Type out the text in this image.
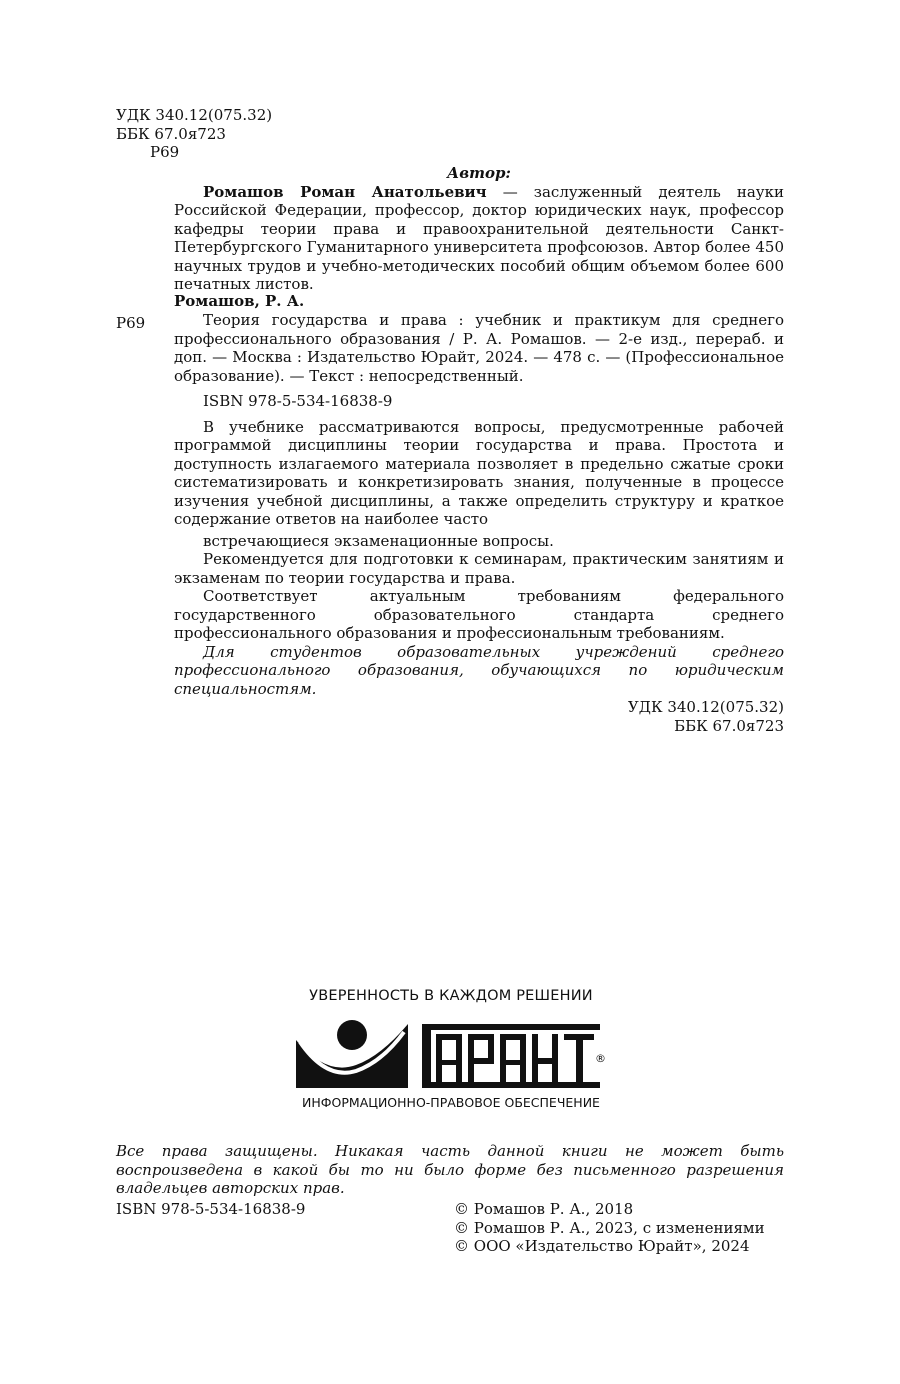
УДК 340.12(075.32)

ББК 67.0я723

Р69

Автор:

Ромашов Роман Анатольевич — заслуженный деятель науки Российской Федерации, профессор, доктор юридических наук, профессор кафедры теории права и правоохранительной деятельности Санкт-Петербургского Гуманитарного университета профсоюзов. Автор более 450 научных трудов и учебно-методических пособий общим объемом более 600 печатных листов.

Ромашов, Р. А.
Р69	Теория государства и права : учебник и практикум для среднего профессионального образования / Р. А. Ромашов. — 2-е изд., перераб. и доп. — Москва : Издательство Юрайт, 2024. — 478 с. — (Профессиональное образование). — Текст : непосредственный.

ISBN 978-5-534-16838-9

В учебнике рассматриваются вопросы, предусмотренные рабочей программой дисциплины теории государства и права. Простота и доступность излагаемого материала позволяет в предельно сжатые сроки систематизировать и конкретизировать знания, полученные в процессе изучения учебной дисциплины, а также определить структуру и краткое содержание ответов на наиболее часто

встречающиеся экзаменационные вопросы.

Рекомендуется для подготовки к семинарам, практическим занятиям и экзаменам по теории государства и права.

Соответствует актуальным требованиям федерального государственного образовательного стандарта среднего профессионального образования и профессиональным требованиям.

Для студентов образовательных учреждений среднего профессионального образования, обучающихся по юридическим специальностям.

УДК 340.12(075.32)

ББК 67.0я723

УВЕРЕННОСТЬ В КАЖДОМ РЕШЕНИИ
®
ИНФОРМАЦИОННО-ПРАВОВОЕ ОБЕСПЕЧЕНИЕ
Все права защищены. Никакая часть данной книги не может быть воспроизведена в какой бы то ни было форме без письменного разрешения владельцев авторских прав.
ISBN 978-5-534-16838-9	© Ромашов Р. А., 2018

© Ромашов Р. А., 2023, с изменениями

© ООО «Издательство Юрайт», 2024
